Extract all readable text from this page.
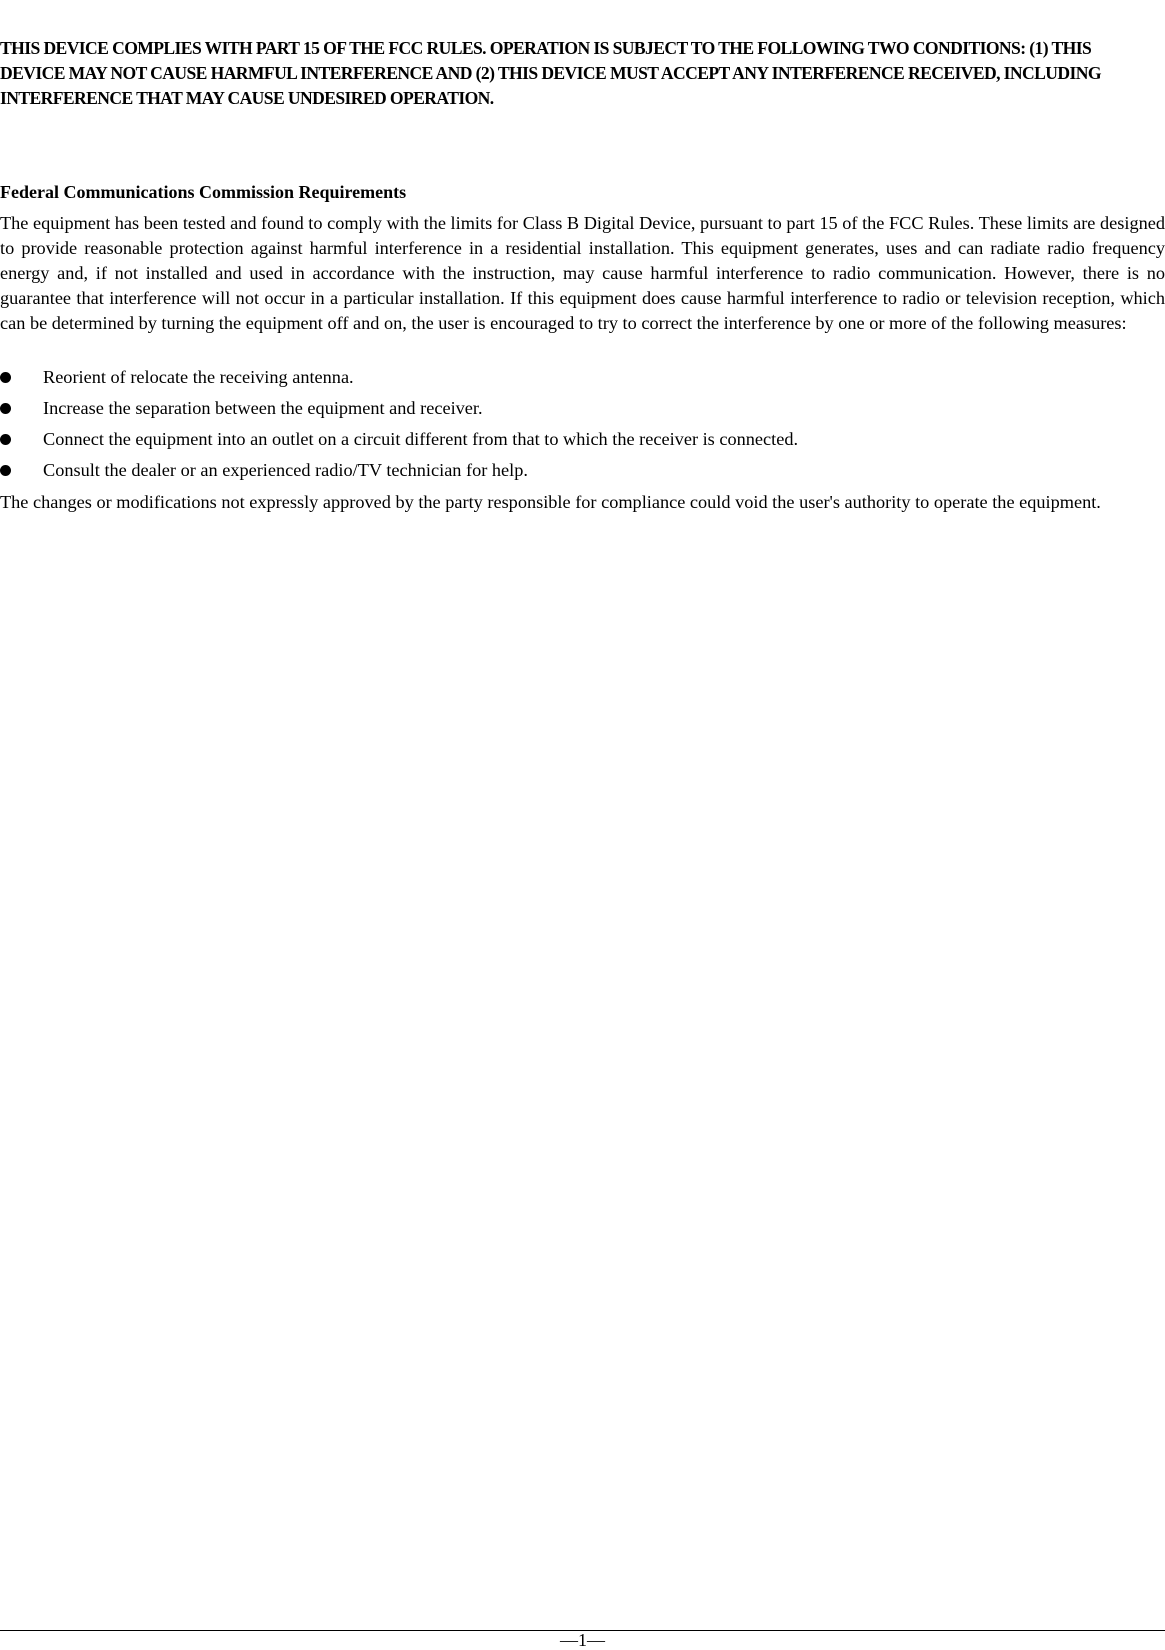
THIS DEVICE COMPLIES WITH PART 15 OF THE FCC RULES. OPERATION IS SUBJECT TO THE FOLLOWING TWO CONDITIONS: (1) THIS DEVICE MAY NOT CAUSE HARMFUL INTERFERENCE AND (2) THIS DEVICE MUST ACCEPT ANY INTERFERENCE RECEIVED, INCLUDING INTERFERENCE THAT MAY CAUSE UNDESIRED OPERATION.

Federal Communications Commission Requirements

The equipment has been tested and found to comply with the limits for Class B Digital Device, pursuant to part 15 of the FCC Rules. These limits are designed to provide reasonable protection against harmful interference in a residential installation. This equipment generates, uses and can radiate radio frequency energy and, if not installed and used in accordance with the instruction, may cause harmful interference to radio communication. However, there is no guarantee that interference will not occur in a particular installation. If this equipment does cause harmful interference to radio or television reception, which can be determined by turning the equipment off and on, the user is encouraged to try to correct the interference by one or more of the following measures:

Reorient of relocate the receiving antenna.
Increase the separation between the equipment and receiver.
Connect the equipment into an outlet on a circuit different from that to which the receiver is connected.
Consult the dealer or an experienced radio/TV technician for help.

The changes or modifications not expressly approved by the party responsible for compliance could void the user's authority to operate the equipment.

—1—
